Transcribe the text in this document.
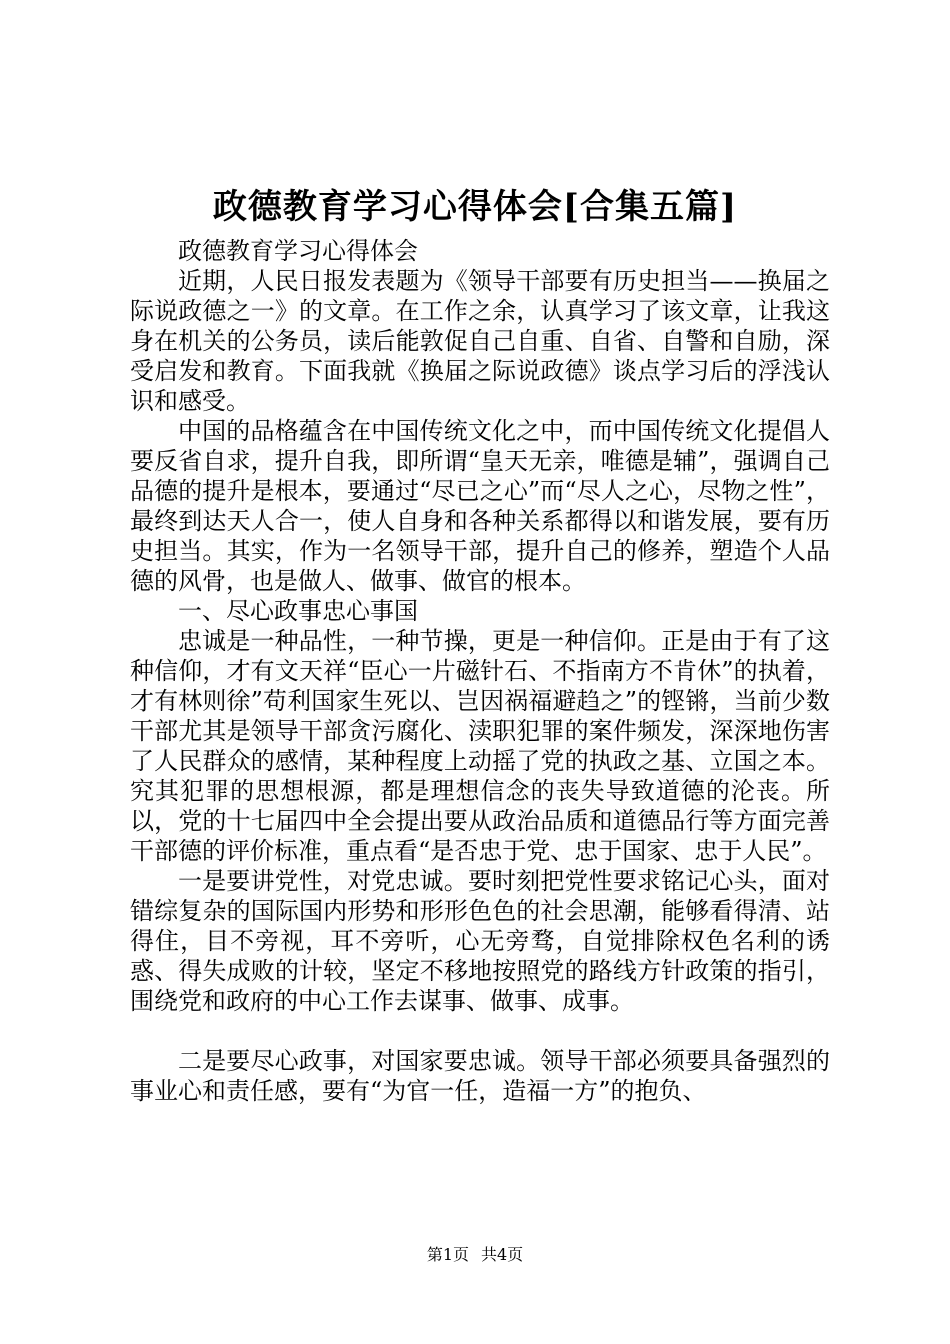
政德教育学习心得体会[合集五篇]

政德教育学习心得体会

近期，人民日报发表题为《领导干部要有历史担当——换届之际说政德之一》的文章。在工作之余，认真学习了该文章，让我这身在机关的公务员，读后能敦促自己自重、自省、自警和自励，深受启发和教育。下面我就《换届之际说政德》谈点学习后的浮浅认识和感受。

中国的品格蕴含在中国传统文化之中，而中国传统文化提倡人要反省自求，提升自我，即所谓“皇天无亲，唯德是辅”，强调自己品德的提升是根本，要通过“尽已之心”而“尽人之心，尽物之性”，最终到达天人合一，使人自身和各种关系都得以和谐发展，要有历史担当。其实，作为一名领导干部，提升自己的修养，塑造个人品德的风骨，也是做人、做事、做官的根本。

一、尽心政事忠心事国

忠诚是一种品性，一种节操，更是一种信仰。正是由于有了这种信仰，才有文天祥“臣心一片磁针石、不指南方不肯休”的执着，才有林则徐”苟利国家生死以、岂因祸福避趋之”的铿锵，当前少数干部尤其是领导干部贪污腐化、渎职犯罪的案件频发，深深地伤害了人民群众的感情，某种程度上动摇了党的执政之基、立国之本。究其犯罪的思想根源，都是理想信念的丧失导致道德的沦丧。所以，党的十七届四中全会提出要从政治品质和道德品行等方面完善干部德的评价标准，重点看“是否忠于党、忠于国家、忠于人民”。

一是要讲党性，对党忠诚。要时刻把党性要求铭记心头，面对错综复杂的国际国内形势和形形色色的社会思潮，能够看得清、站得住，目不旁视，耳不旁听，心无旁骛，自觉排除权色名利的诱惑、得失成败的计较，坚定不移地按照党的路线方针政策的指引，围绕党和政府的中心工作去谋事、做事、成事。

二是要尽心政事，对国家要忠诚。领导干部必须要具备强烈的事业心和责任感，要有“为官一任，造福一方”的抱负、

第1页 共4页
